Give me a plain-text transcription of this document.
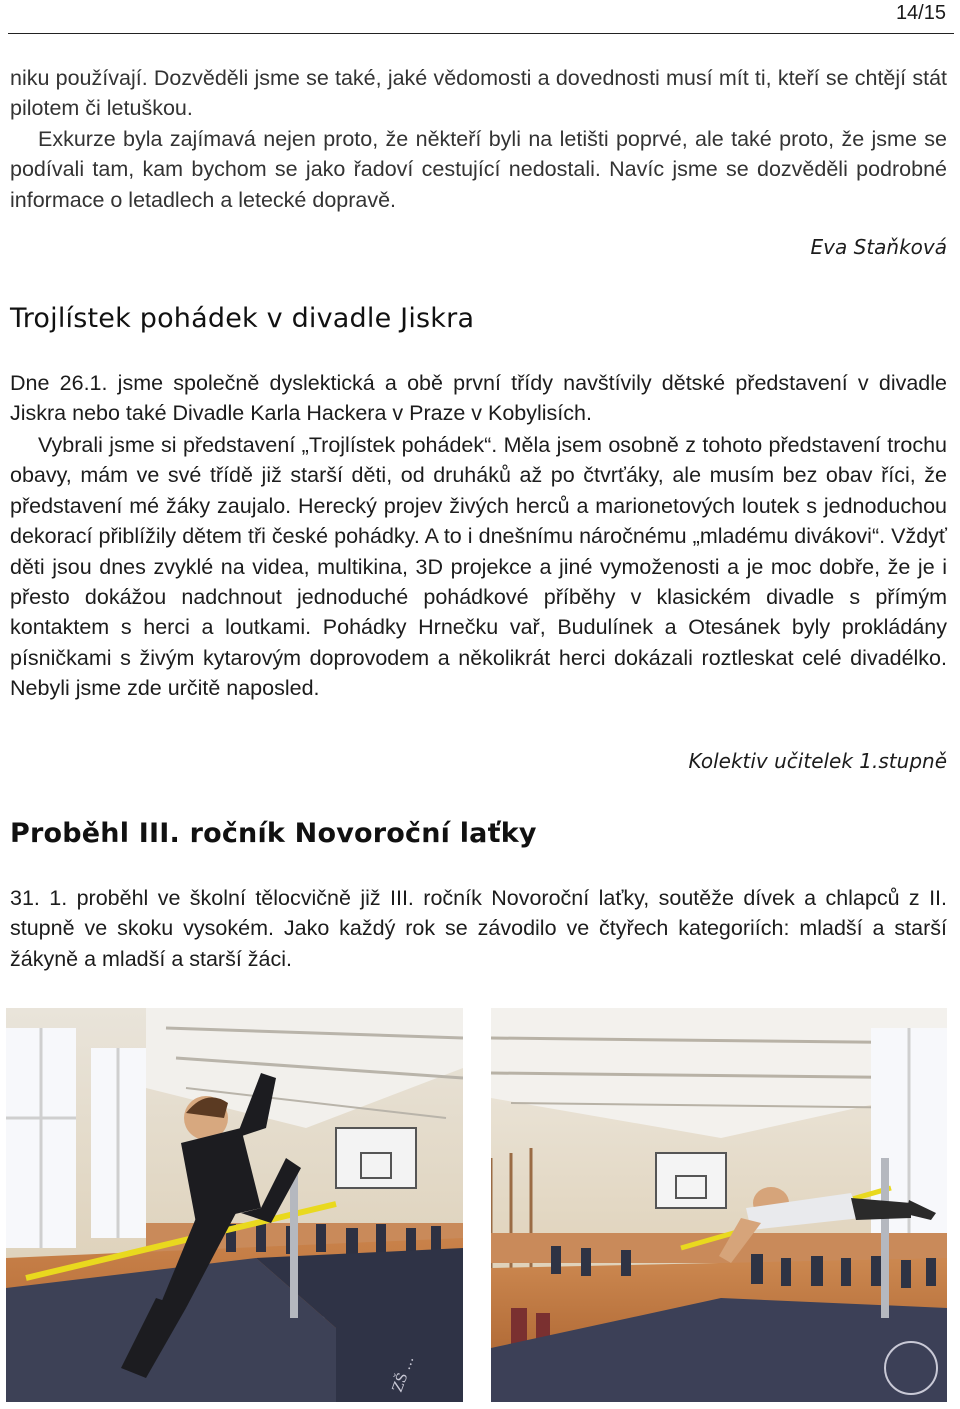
14/15

niku používají. Dozvěděli jsme se také, jaké vědomosti a dovednosti musí mít ti, kteří se chtějí stát pilotem či letuškou.

Exkurze byla zajímavá nejen proto, že někteří byli na letišti poprvé, ale také proto, že jsme se podívali tam, kam bychom se jako řadoví cestující nedostali. Navíc jsme se dozvěděli podrobné informace o letadlech a letecké dopravě.

Eva Staňková

Trojlístek pohádek v divadle Jiskra

Dne 26.1. jsme společně dyslektická a obě první třídy navštívily dětské představení v divadle Jiskra nebo také Divadle Karla Hackera v Praze v Kobylisích.

Vybrali jsme si představení „Trojlístek pohádek“. Měla jsem osobně z tohoto představení trochu obavy, mám ve své třídě již starší děti, od druháků až po čtvrťáky, ale musím bez obav říci, že představení mé žáky zaujalo. Herecký projev živých herců a marionetových loutek s jednoduchou dekorací přiblížily dětem tři české pohádky. A to i dnešnímu náročnému „mladému divákovi“. Vždyť děti jsou dnes zvyklé na videa, multikina, 3D projekce a jiné vymoženosti a je moc dobře, že je i přesto dokážou nadchnout jednoduché pohádkové příběhy v klasickém divadle s přímým kontaktem s herci a loutkami. Pohádky Hrnečku vař, Budulínek a Otesánek byly prokládány písničkami s živým kytarovým doprovodem a několikrát herci dokázali roztleskat celé divadélko. Nebyli jsme zde určitě naposled.

Kolektiv učitelek 1.stupně

Proběhl III. ročník Novoroční laťky

31. 1. proběhl ve školní tělocvičně již III. ročník Novoroční laťky, soutěže dívek a chlapců z II. stupně ve skoku vysokém. Jako každý rok se závodilo ve čtyřech kategoriích: mladší a starší žákyně a mladší a starší žáci.

ZŠ ...
